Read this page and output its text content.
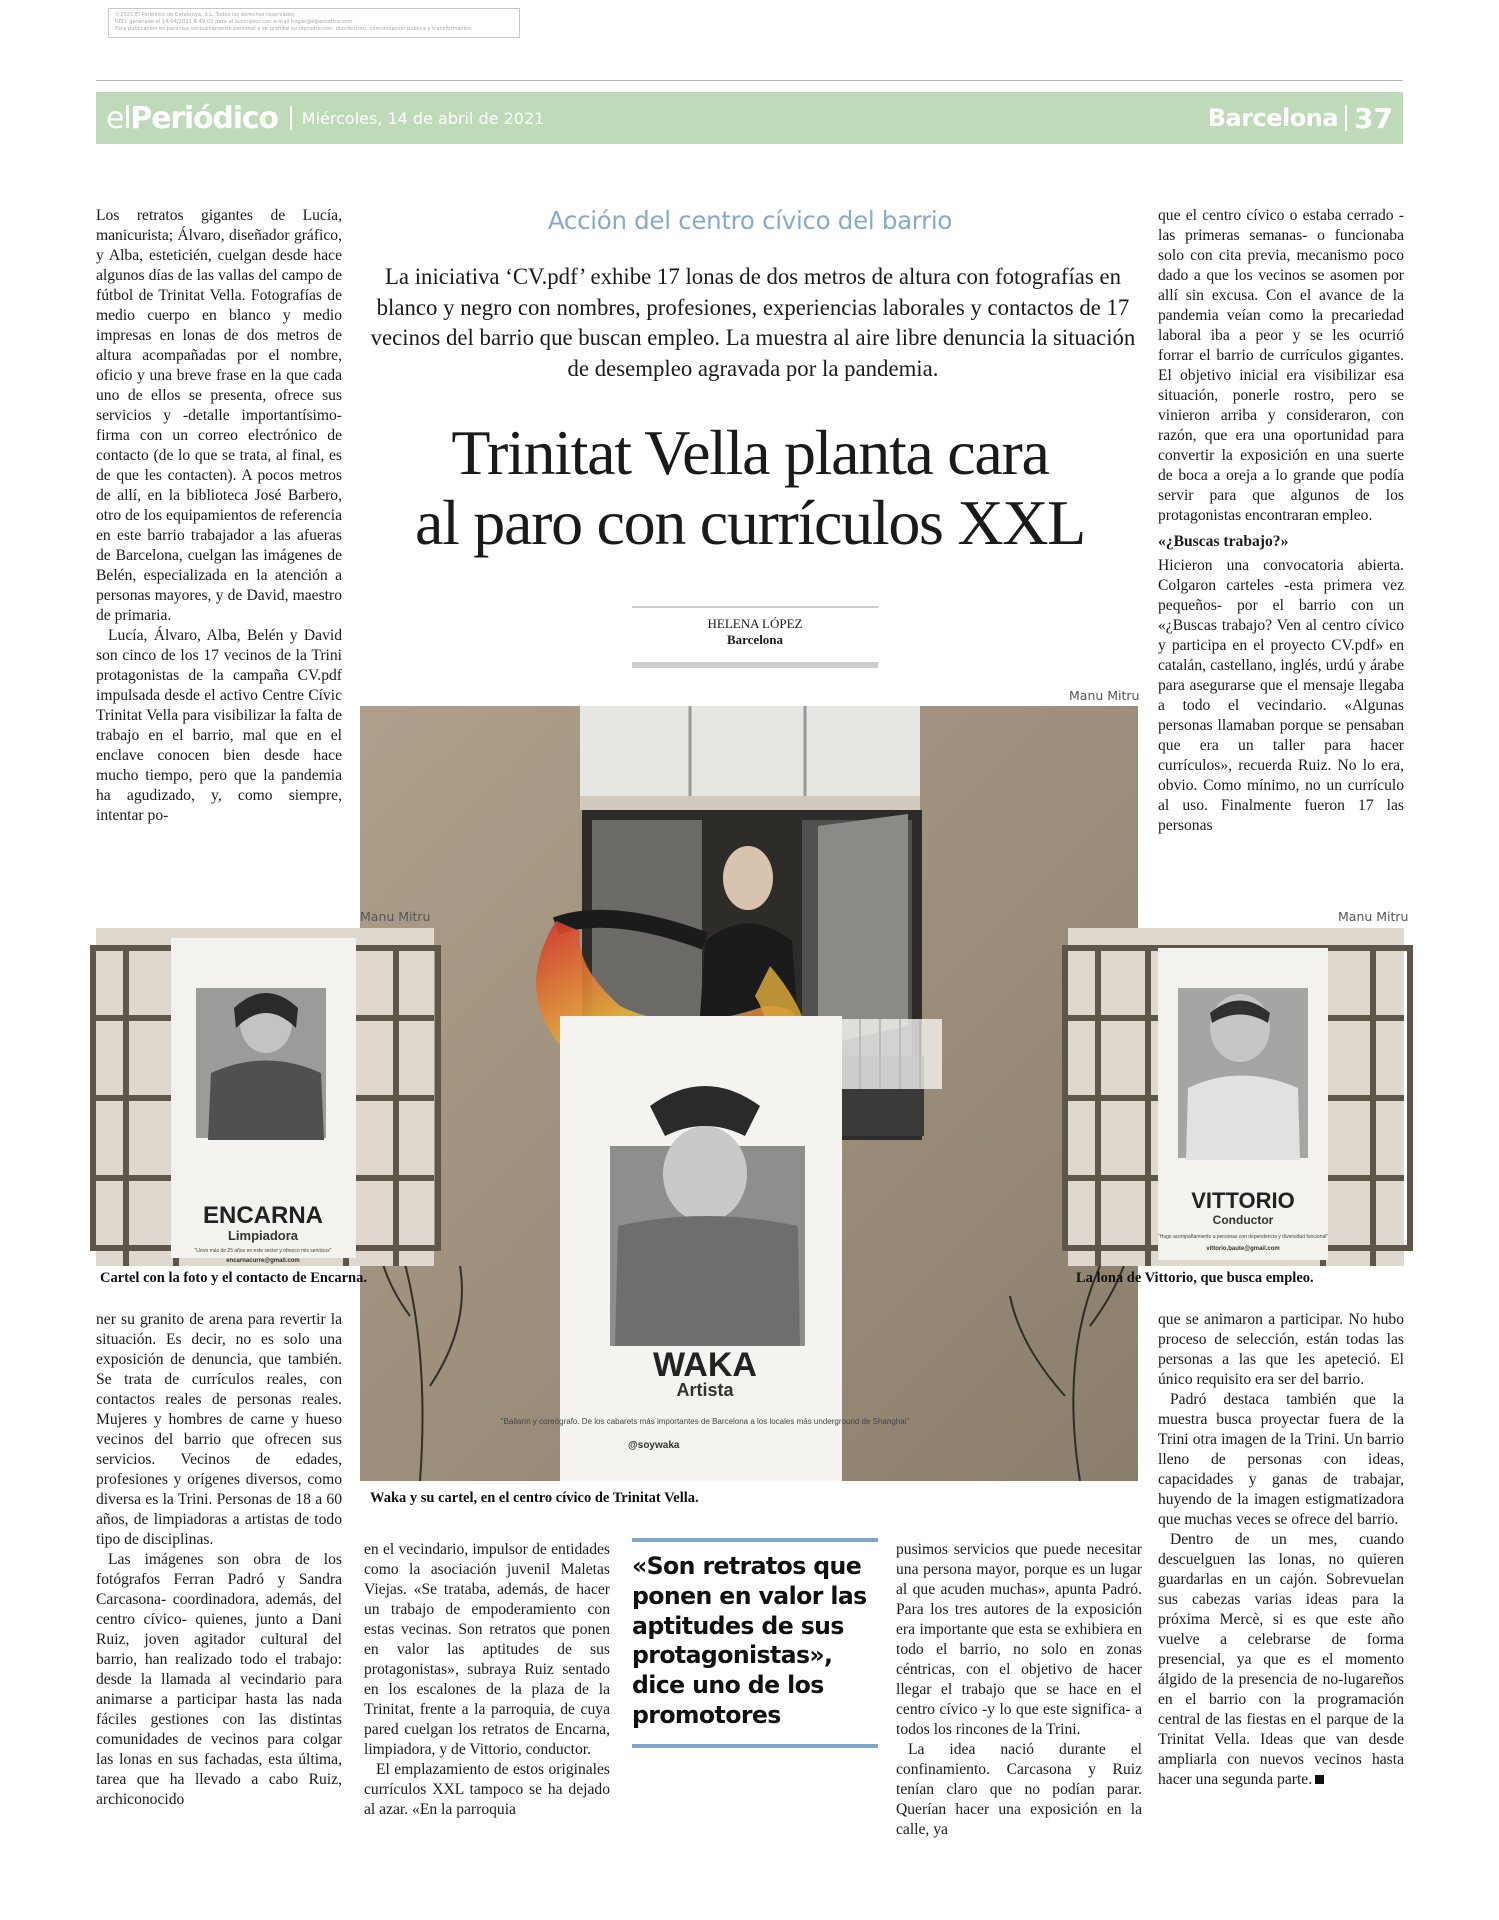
©2021 El Periódico de Catalunya, S.L. Todos los derechos reservados

RED: generado el 14/04/2021 8:49:01 para el suscriptor con e-mail hogar@elperiodico.com

Esta publicación es para uso exclusivamente personal y se prohíbe su reproducción, distribución, comunicación pública y transformación

elPeriódico Miércoles, 14 de abril de 2021	Barcelona 37
Acción del centro cívico del barrio
La iniciativa ‘CV.pdf’ exhibe 17 lonas de dos metros de altura con fotografías en blanco y negro con nombres, profesiones, experiencias laborales y contactos de 17 vecinos del barrio que buscan empleo. La muestra al aire libre denuncia la situación de desempleo agravada por la pandemia.
Trinitat Vella planta cara
al paro con currículos XXL
HELENA LÓPEZ
Barcelona

Los retratos gigantes de Lucía, manicurista; Álvaro, diseñador gráfico, y Alba, esteticién, cuelgan desde hace algunos días de las vallas del campo de fútbol de Trinitat Vella. Fotografías de medio cuerpo en blanco y medio impresas en lonas de dos metros de altura acompañadas por el nombre, oficio y una breve frase en la que cada uno de ellos se presenta, ofrece sus servicios y -detalle importantísimo- firma con un correo electrónico de contacto (de lo que se trata, al final, es de que les contacten). A pocos metros de allí, en la biblioteca José Barbero, otro de los equipamientos de referencia en este barrio trabajador a las afueras de Barcelona, cuelgan las imágenes de Belén, especializada en la atención a personas mayores, y de David, maestro de primaria.

Lucía, Álvaro, Alba, Belén y David son cinco de los 17 vecinos de la Trini protagonistas de la campaña CV.pdf impulsada desde el activo Centre Cívic Trinitat Vella para visibilizar la falta de trabajo en el barrio, mal que en el enclave conocen bien desde hace mucho tiempo, pero que la pandemia ha agudizado, y, como siempre, intentar po-

que el centro cívico o estaba cerrado -las primeras semanas- o funcionaba solo con cita previa, mecanismo poco dado a que los vecinos se asomen por allí sin excusa. Con el avance de la pandemia veían como la precariedad laboral iba a peor y se les ocurrió forrar el barrio de currículos gigantes. El objetivo inicial era visibilizar esa situación, ponerle rostro, pero se vinieron arriba y consideraron, con razón, que era una oportunidad para convertir la exposición en una suerte de boca a oreja a lo grande que podía servir para que algunos de los protagonistas encontraran empleo.

«¿Buscas trabajo?»

Hicieron una convocatoria abierta. Colgaron carteles -esta primera vez pequeños- por el barrio con un «¿Buscas trabajo? Ven al centro cívico y participa en el proyecto CV.pdf» en catalán, castellano, inglés, urdú y árabe para asegurarse que el mensaje llegaba a todo el vecindario. «Algunas personas llamaban porque se pensaban que era un taller para hacer currículos», recuerda Ruiz. No lo era, obvio. Como mínimo, no un currículo al uso. Finalmente fueron 17 las personas

Manu Mitru
WAKA
Artista
"Bailarín y coreógrafo. De los cabarets más importantes de Barcelona a los locales más underground de Shanghai"
@soywaka
Waka y su cartel, en el centro cívico de Trinitat Vella.
Manu Mitru
ENCARNA
Limpiadora
"Llevo más de 25 años en este sector y ofrezco mis servicios"
encarnacurre@gmail.com
Cartel con la foto y el contacto de Encarna.
Manu Mitru
VITTORIO
Conductor
"Hago acompañamiento a personas con dependencia y diversidad funcional"
vittorio.baute@gmail.com
La lona de Vittorio, que busca empleo.

ner su granito de arena para revertir la situación. Es decir, no es solo una exposición de denuncia, que también. Se trata de currículos reales, con contactos reales de personas reales. Mujeres y hombres de carne y hueso vecinos del barrio que ofrecen sus servicios. Vecinos de edades, profesiones y orígenes diversos, como diversa es la Trini. Personas de 18 a 60 años, de limpiadoras a artistas de todo tipo de disciplinas.

Las imágenes son obra de los fotógrafos Ferran Padró y Sandra Carcasona- coordinadora, además, del centro cívico- quienes, junto a Dani Ruiz, joven agitador cultural del barrio, han realizado todo el trabajo: desde la llamada al vecindario para animarse a participar hasta las nada fáciles gestiones con las distintas comunidades de vecinos para colgar las lonas en sus fachadas, esta última, tarea que ha llevado a cabo Ruiz, archiconocido

en el vecindario, impulsor de entidades como la asociación juvenil Maletas Viejas. «Se trataba, además, de hacer un trabajo de empoderamiento con estas vecinas. Son retratos que ponen en valor las aptitudes de sus protagonistas», subraya Ruiz sentado en los escalones de la plaza de la Trinitat, frente a la parroquia, de cuya pared cuelgan los retratos de Encarna, limpiadora, y de Vittorio, conductor.

El emplazamiento de estos originales currículos XXL tampoco se ha dejado al azar. «En la parroquia

«Son retratos que ponen en valor las aptitudes de sus protagonistas», dice uno de los promotores

pusimos servicios que puede necesitar una persona mayor, porque es un lugar al que acuden muchas», apunta Padró. Para los tres autores de la exposición era importante que esta se exhibiera en todo el barrio, no solo en zonas céntricas, con el objetivo de hacer llegar el trabajo que se hace en el centro cívico -y lo que este significa- a todos los rincones de la Trini.

La idea nació durante el confinamiento. Carcasona y Ruiz tenían claro que no podían parar. Querían hacer una exposición en la calle, ya

que se animaron a participar. No hubo proceso de selección, están todas las personas a las que les apeteció. El único requisito era ser del barrio.

Padró destaca también que la muestra busca proyectar fuera de la Trini otra imagen de la Trini. Un barrio lleno de personas con ideas, capacidades y ganas de trabajar, huyendo de la imagen estigmatizadora que muchas veces se ofrece del barrio.

Dentro de un mes, cuando descuelguen las lonas, no quieren guardarlas en un cajón. Sobrevuelan sus cabezas varias ideas para la próxima Mercè, si es que este año vuelve a celebrarse de forma presencial, ya que es el momento álgido de la presencia de no-lugareños en el barrio con la programación central de las fiestas en el parque de la Trinitat Vella. Ideas que van desde ampliarla con nuevos vecinos hasta hacer una segunda parte.
